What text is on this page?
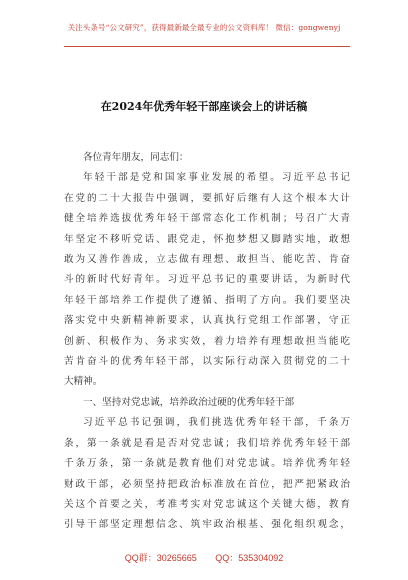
关注头条号“公文研究”，获得最新最全最专业的公文资料库！ 微信：gongwenyj
在2024年优秀年轻干部座谈会上的讲话稿
各位青年朋友，同志们：
年轻干部是党和国家事业发展的希望。习近平总书记
在党的二十大报告中强调，要抓好后继有人这个根本大计
健全培养选拔优秀年轻干部常态化工作机制；号召广大青
年坚定不移听党话、跟党走，怀抱梦想又脚踏实地，敢想
敢为又善作善成，立志做有理想、敢担当、能吃苦、肯奋
斗的新时代好青年。习近平总书记的重要讲话，为新时代
年轻干部培养工作提供了遵循、指明了方向。我们要坚决
落实党中央新精神新要求，认真执行党组工作部署，守正
创新、积极作为、务求实效，着力培养有理想敢担当能吃
苦肯奋斗的优秀年轻干部，以实际行动深入贯彻党的二十
大精神。
一、坚持对党忠诚，培养政治过硬的优秀年轻干部
习近平总书记强调，我们挑选优秀年轻干部，千条万
条，第一条就是看是否对党忠诚；我们培养优秀年轻干部
千条万条，第一条就是教育他们对党忠诚。培养优秀年轻
财政干部，必须坚持把政治标准放在首位，把严把紧政治
关这个首要之关，考准考实对党忠诚这个关键大德，教育
引导干部坚定理想信念、筑牢政治根基、强化组织观念，
QQ群：30265665 QQ：535304092
